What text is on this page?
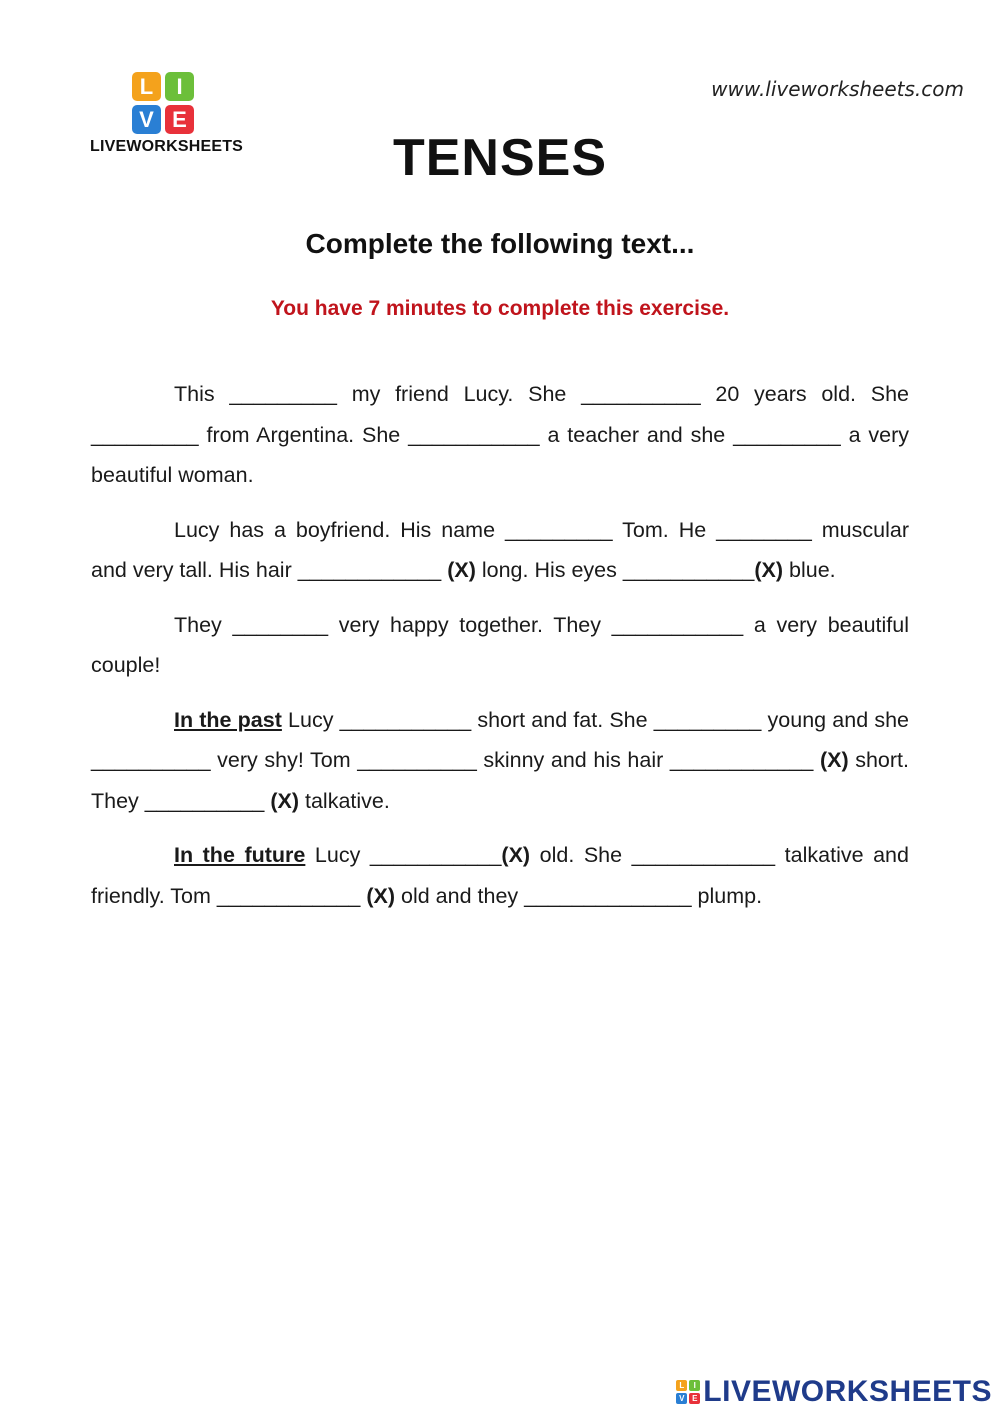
L	I
V E
LIVEWORKSHEETS
www.liveworksheets.com
TENSES
Complete the following text...
You have 7 minutes to complete this exercise.

This _________ my friend Lucy. She __________ 20 years old. She _________ from Argentina. She ___________ a teacher and she _________ a very beautiful woman.

Lucy has a boyfriend. His name _________ Tom. He ________ muscular and very tall. His hair ____________ (X) long. His eyes ___________(X) blue.

They ________ very happy together. They ___________ a very beautiful couple!

In the past Lucy ___________ short and fat. She _________ young and she __________ very shy! Tom __________ skinny and his hair ____________ (X) short. They __________ (X) talkative.

In the future Lucy ___________(X) old. She ____________ talkative and friendly. Tom ____________ (X) old and they ______________ plump.

L	I
V E LIVEWORKSHEETS
